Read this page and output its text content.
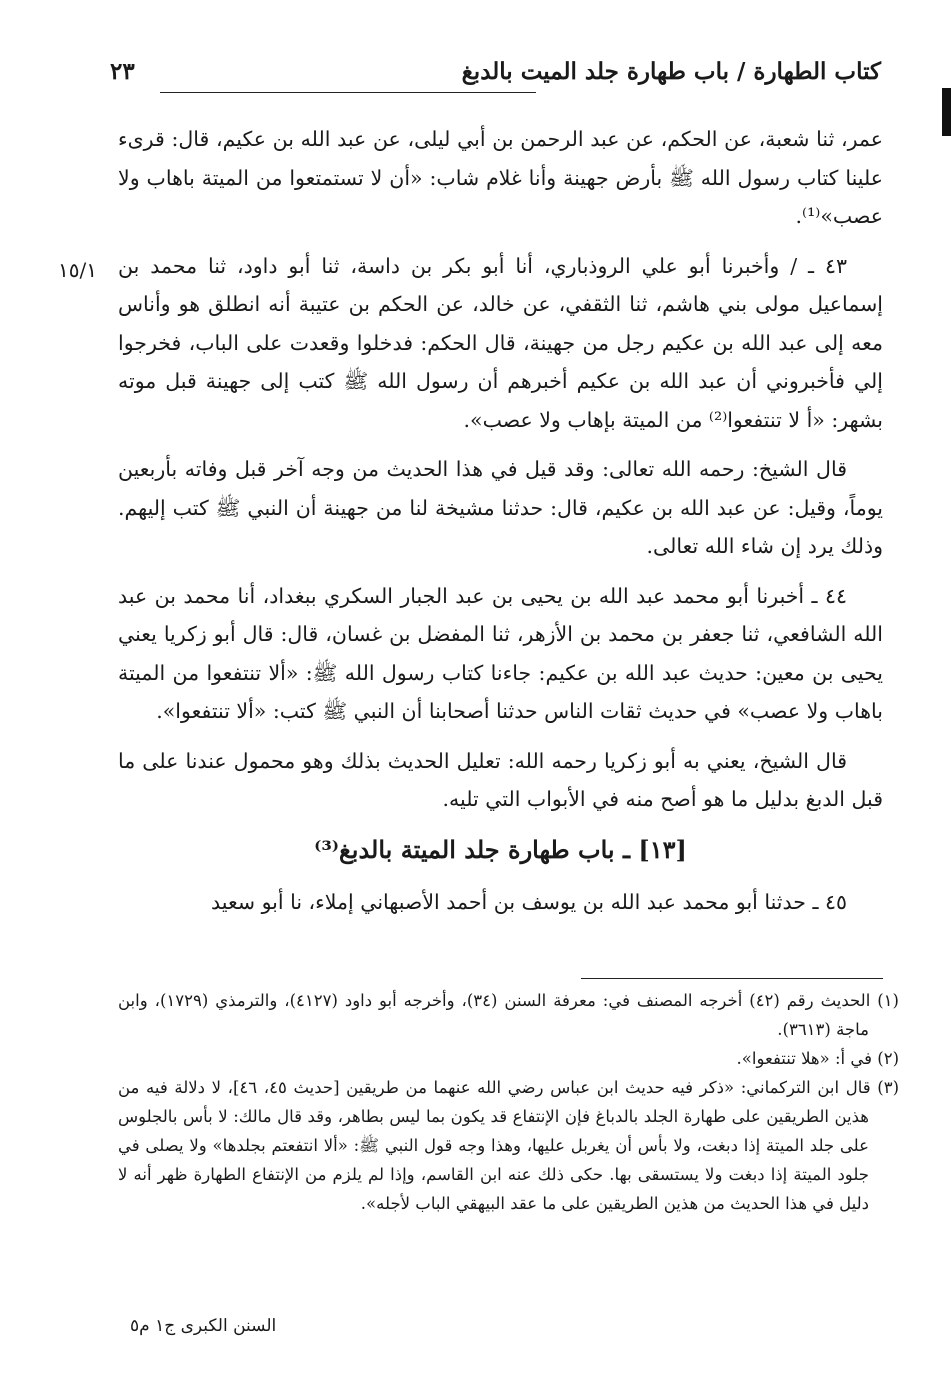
كتاب الطهارة / باب طهارة جلد الميت بالدبغ
٢٣
١٥/١

عمر، ثنا شعبة، عن الحكم، عن عبد الرحمن بن أبي ليلى، عن عبد الله بن عكيم، قال: قرىء علينا كتاب رسول الله ﷺ بأرض جهينة وأنا غلام شاب: «أن لا تستمتعوا من الميتة باهاب ولا عصب»⁽¹⁾.

٤٣ ـ / وأخبرنا أبو علي الروذباري، أنا أبو بكر بن داسة، ثنا أبو داود، ثنا محمد بن إسماعيل مولى بني هاشم، ثنا الثقفي، عن خالد، عن الحكم بن عتيبة أنه انطلق هو وأناس معه إلى عبد الله بن عكيم رجل من جهينة، قال الحكم: فدخلوا وقعدت على الباب، فخرجوا إلي فأخبروني أن عبد الله بن عكيم أخبرهم أن رسول الله ﷺ كتب إلى جهينة قبل موته بشهر: «أ لا تنتفعوا⁽²⁾ من الميتة بإهاب ولا عصب».

قال الشيخ: رحمه الله تعالى: وقد قيل في هذا الحديث من وجه آخر قبل وفاته بأربعين يوماً، وقيل: عن عبد الله بن عكيم، قال: حدثنا مشيخة لنا من جهينة أن النبي ﷺ كتب إليهم. وذلك يرد إن شاء الله تعالى.

٤٤ ـ أخبرنا أبو محمد عبد الله بن يحيى بن عبد الجبار السكري ببغداد، أنا محمد بن عبد الله الشافعي، ثنا جعفر بن محمد بن الأزهر، ثنا المفضل بن غسان، قال: قال أبو زكريا يعني يحيى بن معين: حديث عبد الله بن عكيم: جاءنا كتاب رسول الله ﷺ: «ألا تنتفعوا من الميتة باهاب ولا عصب» في حديث ثقات الناس حدثنا أصحابنا أن النبي ﷺ كتب: «ألا تنتفعوا».

قال الشيخ، يعني به أبو زكريا رحمه الله: تعليل الحديث بذلك وهو محمول عندنا على ما قبل الدبغ بدليل ما هو أصح منه في الأبواب التي تليه.

[١٣] ـ باب طهارة جلد الميتة بالدبغ⁽³⁾

٤٥ ـ حدثنا أبو محمد عبد الله بن يوسف بن أحمد الأصبهاني إملاء، نا أبو سعيد

(١) الحديث رقم (٤٢) أخرجه المصنف في: معرفة السنن (٣٤)، وأخرجه أبو داود (٤١٢٧)، والترمذي (١٧٢٩)، وابن ماجة (٣٦١٣).

(٢) في أ: «هلا تنتفعوا».

(٣) قال ابن التركماني: «ذكر فيه حديث ابن عباس رضي الله عنهما من طريقين [حديث ٤٥، ٤٦]، لا دلالة فيه من هذين الطريقين على طهارة الجلد بالدباغ فإن الإنتفاع قد يكون بما ليس بطاهر، وقد قال مالك: لا بأس بالجلوس على جلد الميتة إذا دبغت، ولا بأس أن يغربل عليها، وهذا وجه قول النبي ﷺ: «ألا انتفعتم بجلدها» ولا يصلى في جلود الميتة إذا دبغت ولا يستسقى بها. حكى ذلك عنه ابن القاسم، وإذا لم يلزم من الإنتفاع الطهارة ظهر أنه لا دليل في هذا الحديث من هذين الطريقين على ما عقد البيهقي الباب لأجله».

السنن الكبرى ج١ م٥
